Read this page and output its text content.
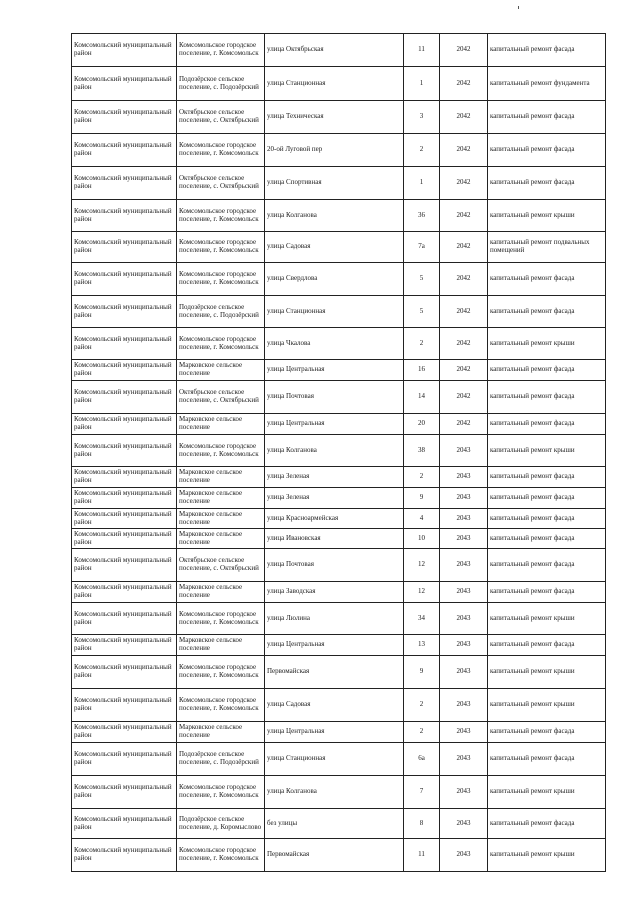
Комсомольский муниципальный район	Комсомольское городское поселение, г. Комсомольск	улица Октябрьская	11	2042	капитальный ремонт фасада
Комсомольский муниципальный район	Подозёрское сельское поселение, с. Подозёрский	улица Станционная	1	2042	капитальный ремонт фундамента
Комсомольский муниципальный район	Октябрьское сельское поселение, с. Октябрьский	улица Техническая	3	2042	капитальный ремонт фасада
Комсомольский муниципальный район	Комсомольское городское поселение, г. Комсомольск	20-ой Луговой пер	2	2042	капитальный ремонт фасада
Комсомольский муниципальный район	Октябрьское сельское поселение, с. Октябрьский	улица Спортивная	1	2042	капитальный ремонт фасада
Комсомольский муниципальный район	Комсомольское городское поселение, г. Комсомольск	улица Колганова	36	2042	капитальный ремонт крыши
Комсомольский муниципальный район	Комсомольское городское поселение, г. Комсомольск	улица Садовая	7а	2042	капитальный ремонт подвальных помещений
Комсомольский муниципальный район	Комсомольское городское поселение, г. Комсомольск	улица Свердлова	5	2042	капитальный ремонт фасада
Комсомольский муниципальный район	Подозёрское сельское поселение, с. Подозёрский	улица Станционная	5	2042	капитальный ремонт фасада
Комсомольский муниципальный район	Комсомольское городское поселение, г. Комсомольск	улица Чкалова	2	2042	капитальный ремонт крыши
Комсомольский муниципальный район	Марковское сельское поселение	улица Центральная	16	2042	капитальный ремонт фасада
Комсомольский муниципальный район	Октябрьское сельское поселение, с. Октябрьский	улица Почтовая	14	2042	капитальный ремонт фасада
Комсомольский муниципальный район	Марковское сельское поселение	улица Центральная	20	2042	капитальный ремонт фасада
Комсомольский муниципальный район	Комсомольское городское поселение, г. Комсомольск	улица Колганова	38	2043	капитальный ремонт крыши
Комсомольский муниципальный район	Марковское сельское поселение	улица Зеленая	2	2043	капитальный ремонт фасада
Комсомольский муниципальный район	Марковское сельское поселение	улица Зеленая	9	2043	капитальный ремонт фасада
Комсомольский муниципальный район	Марковское сельское поселение	улица Красноармейская	4	2043	капитальный ремонт фасада
Комсомольский муниципальный район	Марковское сельское поселение	улица Ивановская	10	2043	капитальный ремонт фасада
Комсомольский муниципальный район	Октябрьское сельское поселение, с. Октябрьский	улица Почтовая	12	2043	капитальный ремонт фасада
Комсомольский муниципальный район	Марковское сельское поселение	улица Заводская	12	2043	капитальный ремонт фасада
Комсомольский муниципальный район	Комсомольское городское поселение, г. Комсомольск	улица Люлина	34	2043	капитальный ремонт крыши
Комсомольский муниципальный район	Марковское сельское поселение	улица Центральная	13	2043	капитальный ремонт фасада
Комсомольский муниципальный район	Комсомольское городское поселение, г. Комсомольск	Первомайская	9	2043	капитальный ремонт крыши
Комсомольский муниципальный район	Комсомольское городское поселение, г. Комсомольск	улица Садовая	2	2043	капитальный ремонт крыши
Комсомольский муниципальный район	Марковское сельское поселение	улица Центральная	2	2043	капитальный ремонт фасада
Комсомольский муниципальный район	Подозёрское сельское поселение, с. Подозёрский	улица Станционная	6а	2043	капитальный ремонт фасада
Комсомольский муниципальный район	Комсомольское городское поселение, г. Комсомольск	улица Колганова	7	2043	капитальный ремонт крыши
Комсомольский муниципальный район	Подозёрское сельское поселение, д. Коромыслово	без улицы	8	2043	капитальный ремонт фасада
Комсомольский муниципальный район	Комсомольское городское поселение, г. Комсомольск	Первомайская	11	2043	капитальный ремонт крыши
